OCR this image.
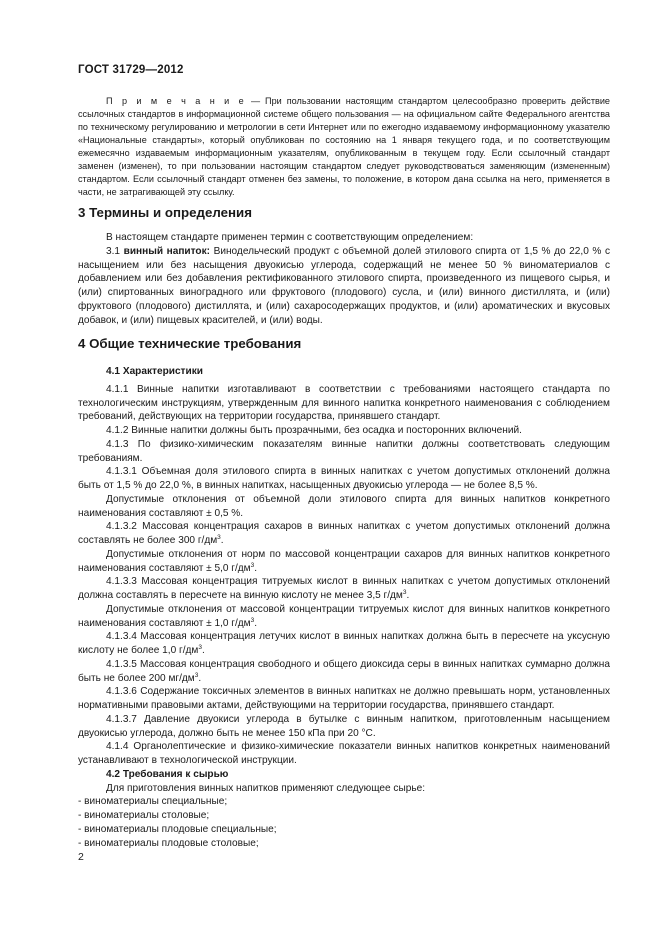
ГОСТ 31729—2012

П р и м е ч а н и е — При пользовании настоящим стандартом целесообразно проверить действие ссылочных стандартов в информационной системе общего пользования — на официальном сайте Федерального агентства по техническому регулированию и метрологии в сети Интернет или по ежегодно издаваемому информационному указателю «Национальные стандарты», который опубликован по состоянию на 1 января текущего года, и по соответствующим ежемесячно издаваемым информационным указателям, опубликованным в текущем году. Если ссылочный стандарт заменен (изменен), то при пользовании настоящим стандартом следует руководствоваться заменяющим (измененным) стандартом. Если ссылочный стандарт отменен без замены, то положение, в котором дана ссылка на него, применяется в части, не затрагивающей эту ссылку.

3 Термины и определения

В настоящем стандарте применен термин с соответствующим определением:

3.1 винный напиток: Винодельческий продукт с объемной долей этилового спирта от 1,5 % до 22,0 % с насыщением или без насыщения двуокисью углерода, содержащий не менее 50 % виноматериалов с добавлением или без добавления ректификованного этилового спирта, произведенного из пищевого сырья, и (или) спиртованных виноградного или фруктового (плодового) сусла, и (или) винного дистиллята, и (или) фруктового (плодового) дистиллята, и (или) сахаросодержащих продуктов, и (или) ароматических и вкусовых добавок, и (или) пищевых красителей, и (или) воды.

4 Общие технические требования
4.1 Характеристики

4.1.1 Винные напитки изготавливают в соответствии с требованиями настоящего стандарта по технологическим инструкциям, утвержденным для винного напитка конкретного наименования с соблюдением требований, действующих на территории государства, принявшего стандарт.

4.1.2 Винные напитки должны быть прозрачными, без осадка и посторонних включений.

4.1.3 По физико-химическим показателям винные напитки должны соответствовать следующим требованиям.

4.1.3.1 Объемная доля этилового спирта в винных напитках с учетом допустимых отклонений должна быть от 1,5 % до 22,0 %, в винных напитках, насыщенных двуокисью углерода — не более 8,5 %.

Допустимые отклонения от объемной доли этилового спирта для винных напитков конкретного наименования составляют ± 0,5 %.

4.1.3.2 Массовая концентрация сахаров в винных напитках с учетом допустимых отклонений должна составлять не более 300 $г/дм^3$.

Допустимые отклонения от норм по массовой концентрации сахаров для винных напитков конкретного наименования составляют ± 5,0 $г/дм^3$.

4.1.3.3 Массовая концентрация титруемых кислот в винных напитках с учетом допустимых отклонений должна составлять в пересчете на винную кислоту не менее 3,5 $г/дм^3$.

Допустимые отклонения от массовой концентрации титруемых кислот для винных напитков конкретного наименования составляют ± 1,0 $г/дм^3$.

4.1.3.4 Массовая концентрация летучих кислот в винных напитках должна быть в пересчете на уксусную кислоту не более 1,0 $г/дм^3$.

4.1.3.5 Массовая концентрация свободного и общего диоксида серы в винных напитках суммарно должна быть не более 200 $мг/дм^3$.

4.1.3.6 Содержание токсичных элементов в винных напитках не должно превышать норм, установленных нормативными правовыми актами, действующими на территории государства, принявшего стандарт.

4.1.3.7 Давление двуокиси углерода в бутылке с винным напитком, приготовленным насыщением двуокисью углерода, должно быть не менее 150 кПа при 20 °С.

4.1.4 Органолептические и физико-химические показатели винных напитков конкретных наименований устанавливают в технологической инструкции.

4.2 Требования к сырью

Для приготовления винных напитков применяют следующее сырье:

- виноматериалы специальные;
- виноматериалы столовые;
- виноматериалы плодовые специальные;
- виноматериалы плодовые столовые;
2
